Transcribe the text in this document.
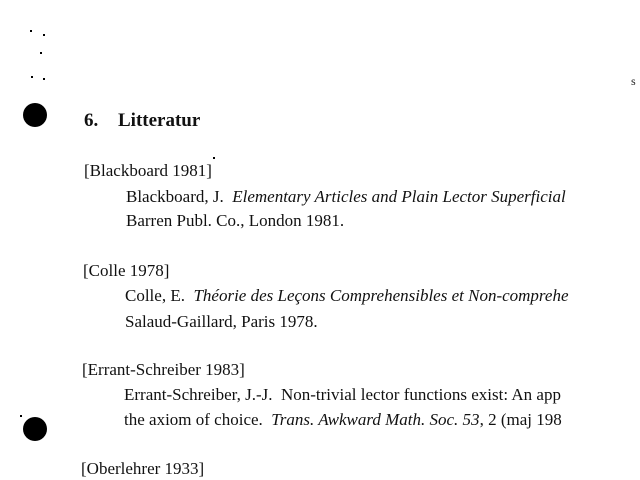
s
6. Litteratur
[Blackboard 1981]
Blackboard, J. Elementary Articles and Plain Lector Superficial
Barren Publ. Co., London 1981.
[Colle 1978]
Colle, E. Théorie des Leçons Comprehensibles et Non-comprehe
Salaud-Gaillard, Paris 1978.
[Errant-Schreiber 1983]
Errant-Schreiber, J.-J. Non-trivial lector functions exist: An app
the axiom of choice. Trans. Awkward Math. Soc. 53, 2 (maj 198
[Oberlehrer 1933]
